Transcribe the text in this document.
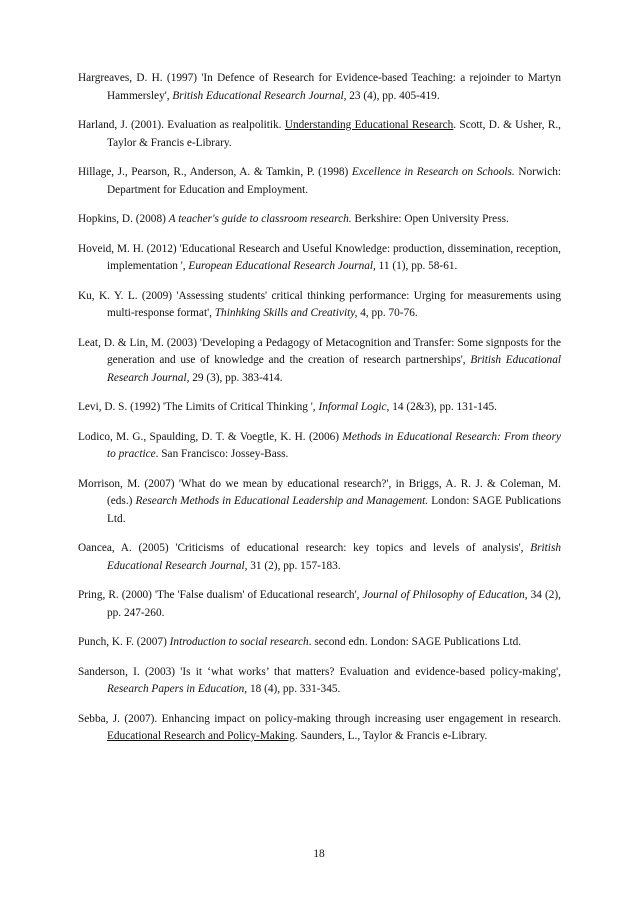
Hargreaves, D. H. (1997) 'In Defence of Research for Evidence-based Teaching: a rejoinder to Martyn Hammersley', British Educational Research Journal, 23 (4), pp. 405-419.
Harland, J. (2001). Evaluation as realpolitik. Understanding Educational Research. Scott, D. & Usher, R., Taylor & Francis e-Library.
Hillage, J., Pearson, R., Anderson, A. & Tamkin, P. (1998) Excellence in Research on Schools. Norwich: Department for Education and Employment.
Hopkins, D. (2008) A teacher's guide to classroom research. Berkshire: Open University Press.
Hoveid, M. H. (2012) 'Educational Research and Useful Knowledge: production, dissemination, reception, implementation ', European Educational Research Journal, 11 (1), pp. 58-61.
Ku, K. Y. L. (2009) 'Assessing students' critical thinking performance: Urging for measurements using multi-response format', Thinhking Skills and Creativity, 4, pp. 70-76.
Leat, D. & Lin, M. (2003) 'Developing a Pedagogy of Metacognition and Transfer: Some signposts for the generation and use of knowledge and the creation of research partnerships', British Educational Research Journal, 29 (3), pp. 383-414.
Levi, D. S. (1992) 'The Limits of Critical Thinking ', Informal Logic, 14 (2&3), pp. 131-145.
Lodico, M. G., Spaulding, D. T. & Voegtle, K. H. (2006) Methods in Educational Research: From theory to practice. San Francisco: Jossey-Bass.
Morrison, M. (2007) 'What do we mean by educational research?', in Briggs, A. R. J. & Coleman, M. (eds.) Research Methods in Educational Leadership and Management. London: SAGE Publications Ltd.
Oancea, A. (2005) 'Criticisms of educational research: key topics and levels of analysis', British Educational Research Journal, 31 (2), pp. 157-183.
Pring, R. (2000) 'The 'False dualism' of Educational research', Journal of Philosophy of Education, 34 (2), pp. 247-260.
Punch, K. F. (2007) Introduction to social research. second edn. London: SAGE Publications Ltd.
Sanderson, I. (2003) 'Is it ‘what works’ that matters? Evaluation and evidence-based policy-making', Research Papers in Education, 18 (4), pp. 331-345.
Sebba, J. (2007). Enhancing impact on policy-making through increasing user engagement in research. Educational Research and Policy-Making. Saunders, L., Taylor & Francis e-Library.
18
